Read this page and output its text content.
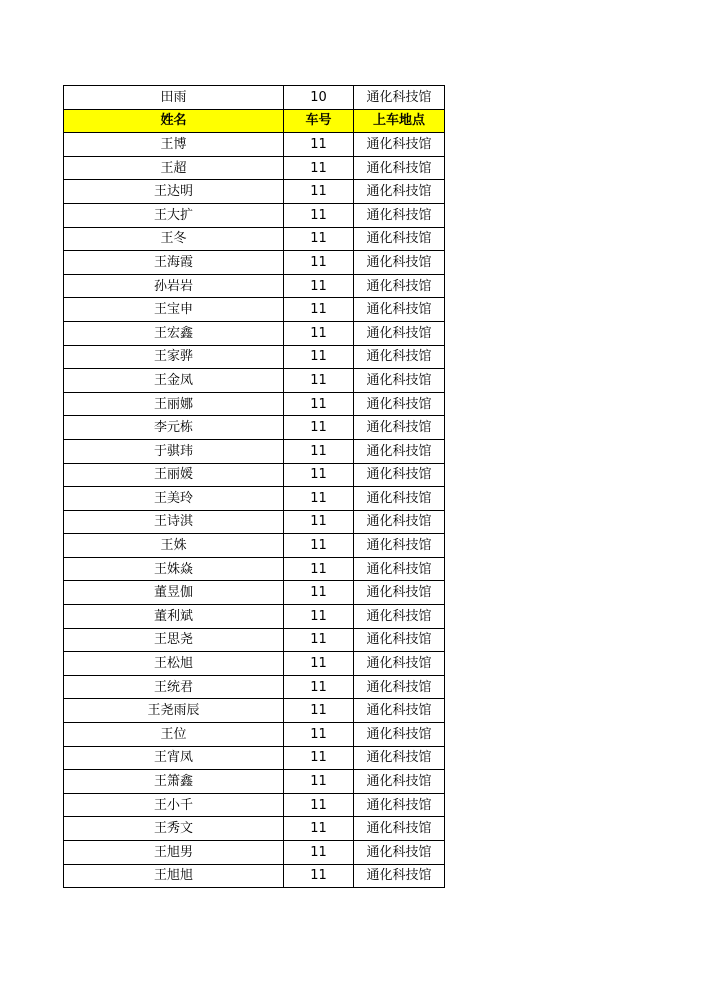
田雨	10	通化科技馆
姓名	车号	上车地点
王博	11	通化科技馆
王超	11	通化科技馆
王达明	11	通化科技馆
王大扩	11	通化科技馆
王冬	11	通化科技馆
王海霞	11	通化科技馆
孙岩岩	11	通化科技馆
王宝申	11	通化科技馆
王宏鑫	11	通化科技馆
王家骅	11	通化科技馆
王金凤	11	通化科技馆
王丽娜	11	通化科技馆
李元栋	11	通化科技馆
于骐玮	11	通化科技馆
王丽媛	11	通化科技馆
王美玲	11	通化科技馆
王诗淇	11	通化科技馆
王姝	11	通化科技馆
王姝焱	11	通化科技馆
董昱伽	11	通化科技馆
董利斌	11	通化科技馆
王思尧	11	通化科技馆
王松旭	11	通化科技馆
王统君	11	通化科技馆
王尧雨辰	11	通化科技馆
王位	11	通化科技馆
王宵凤	11	通化科技馆
王箫鑫	11	通化科技馆
王小千	11	通化科技馆
王秀文	11	通化科技馆
王旭男	11	通化科技馆
王旭旭	11	通化科技馆
